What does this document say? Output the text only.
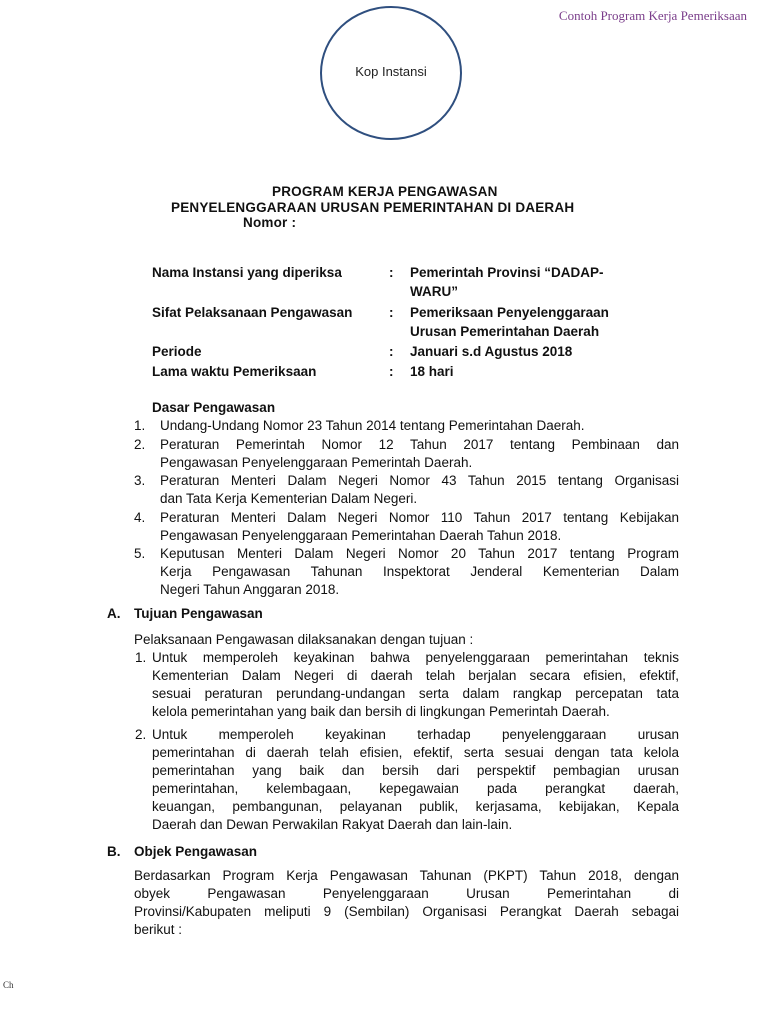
Contoh Program Kerja Pemeriksaan
Kop Instansi
PROGRAM KERJA PENGAWASAN
PENYELENGGARAAN URUSAN PEMERINTAHAN DI DAERAH
Nomor :
Nama Instansi yang diperiksa	: Pemerintah Provinsi “DADAP-
WARU”
Sifat Pelaksanaan Pengawasan	: Pemeriksaan Penyelenggaraan
Urusan Pemerintahan Daerah
Periode	: Januari s.d Agustus 2018
Lama waktu Pemeriksaan	: 18 hari
Dasar Pengawasan
1. Undang-Undang Nomor 23 Tahun 2014 tentang Pemerintahan Daerah.
2. Peraturan Pemerintah Nomor 12 Tahun 2017 tentang Pembinaan dan
Pengawasan Penyelenggaraan Pemerintah Daerah.
3. Peraturan Menteri Dalam Negeri Nomor 43 Tahun 2015 tentang Organisasi
dan Tata Kerja Kementerian Dalam Negeri.
4. Peraturan Menteri Dalam Negeri Nomor 110 Tahun 2017 tentang Kebijakan
Pengawasan Penyelenggaraan Pemerintahan Daerah Tahun 2018.
5. Keputusan Menteri Dalam Negeri Nomor 20 Tahun 2017 tentang Program
Kerja Pengawasan Tahunan Inspektorat Jenderal Kementerian Dalam
Negeri Tahun Anggaran 2018.
A. Tujuan Pengawasan
Pelaksanaan Pengawasan dilaksanakan dengan tujuan :
1. Untuk memperoleh keyakinan bahwa penyelenggaraan pemerintahan teknis
Kementerian Dalam Negeri di daerah telah berjalan secara efisien, efektif,
sesuai peraturan perundang-undangan serta dalam rangkap percepatan tata
kelola pemerintahan yang baik dan bersih di lingkungan Pemerintah Daerah.
2. Untuk memperoleh keyakinan terhadap penyelenggaraan urusan
pemerintahan di daerah telah efisien, efektif, serta sesuai dengan tata kelola
pemerintahan yang baik dan bersih dari perspektif pembagian urusan
pemerintahan, kelembagaan, kepegawaian pada perangkat daerah,
keuangan, pembangunan, pelayanan publik, kerjasama, kebijakan, Kepala
Daerah dan Dewan Perwakilan Rakyat Daerah dan lain-lain.
B. Objek Pengawasan
Berdasarkan Program Kerja Pengawasan Tahunan (PKPT) Tahun 2018, dengan
obyek Pengawasan Penyelenggaraan Urusan Pemerintahan di
Provinsi/Kabupaten meliputi 9 (Sembilan) Organisasi Perangkat Daerah sebagai
berikut :
Ch
